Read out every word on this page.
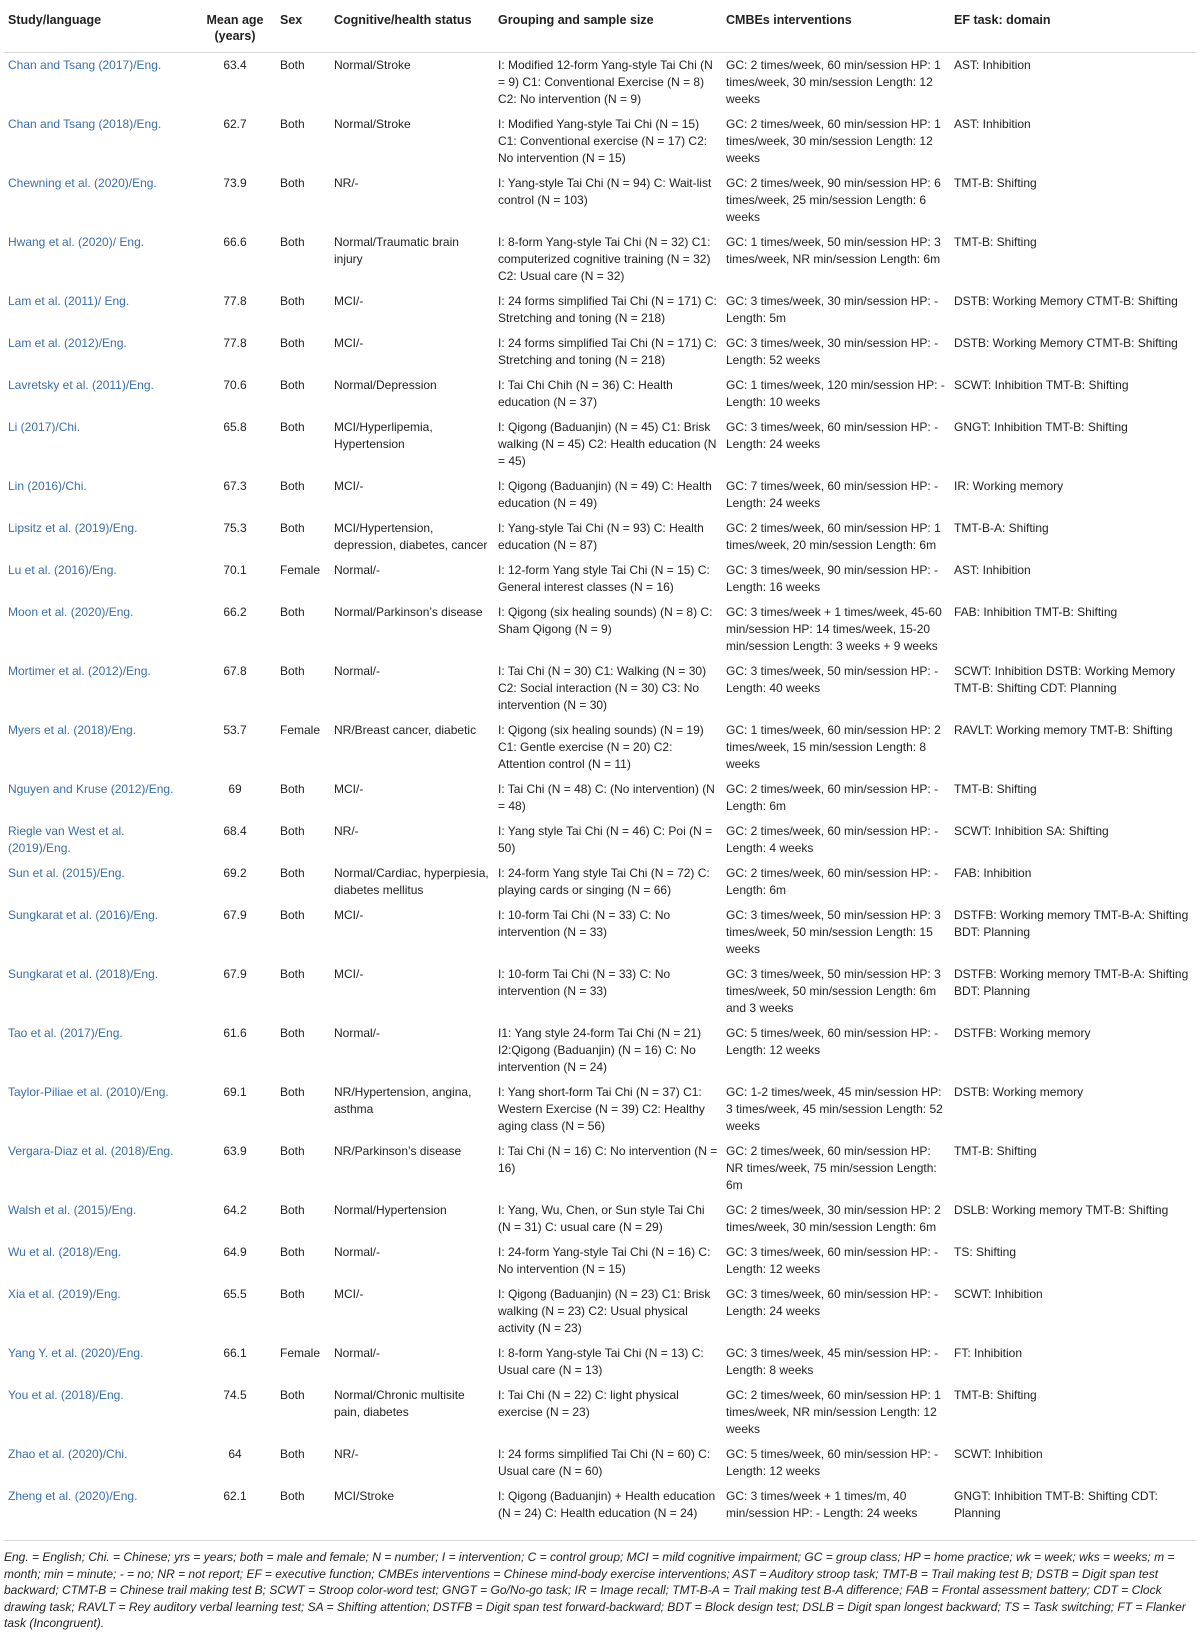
Study/language	Mean age (years)	Sex	Cognitive/health status	Grouping and sample size	CMBEs interventions	EF task: domain
Chan and Tsang (2017)/Eng.	63.4	Both	Normal/Stroke	I: Modified 12-form Yang-style Tai Chi (N = 9) C1: Conventional Exercise (N = 8) C2: No intervention (N = 9)	GC: 2 times/week, 60 min/session HP: 1 times/week, 30 min/session Length: 12 weeks	AST: Inhibition
Chan and Tsang (2018)/Eng.	62.7	Both	Normal/Stroke	I: Modified Yang-style Tai Chi (N = 15) C1: Conventional exercise (N = 17) C2: No intervention (N = 15)	GC: 2 times/week, 60 min/session HP: 1 times/week, 30 min/session Length: 12 weeks	AST: Inhibition
Chewning et al. (2020)/Eng.	73.9	Both	NR/-	I: Yang-style Tai Chi (N = 94) C: Wait-list control (N = 103)	GC: 2 times/week, 90 min/session HP: 6 times/week, 25 min/session Length: 6 weeks	TMT-B: Shifting
Hwang et al. (2020)/ Eng.	66.6	Both	Normal/Traumatic brain injury	I: 8-form Yang-style Tai Chi (N = 32) C1: computerized cognitive training (N = 32) C2: Usual care (N = 32)	GC: 1 times/week, 50 min/session HP: 3 times/week, NR min/session Length: 6m	TMT-B: Shifting
Lam et al. (2011)/ Eng.	77.8	Both	MCI/-	I: 24 forms simplified Tai Chi (N = 171) C: Stretching and toning (N = 218)	GC: 3 times/week, 30 min/session HP: - Length: 5m	DSTB: Working Memory CTMT-B: Shifting
Lam et al. (2012)/Eng.	77.8	Both	MCI/-	I: 24 forms simplified Tai Chi (N = 171) C: Stretching and toning (N = 218)	GC: 3 times/week, 30 min/session HP: -Length: 52 weeks	DSTB: Working Memory CTMT-B: Shifting
Lavretsky et al. (2011)/Eng.	70.6	Both	Normal/Depression	I: Tai Chi Chih (N = 36) C: Health education (N = 37)	GC: 1 times/week, 120 min/session HP: -Length: 10 weeks	SCWT: Inhibition TMT-B: Shifting
Li (2017)/Chi.	65.8	Both	MCI/Hyperlipemia, Hypertension	I: Qigong (Baduanjin) (N = 45) C1: Brisk walking (N = 45) C2: Health education (N = 45)	GC: 3 times/week, 60 min/session HP: -Length: 24 weeks	GNGT: Inhibition TMT-B: Shifting
Lin (2016)/Chi.	67.3	Both	MCI/-	I: Qigong (Baduanjin) (N = 49) C: Health education (N = 49)	GC: 7 times/week, 60 min/session HP: -Length: 24 weeks	IR: Working memory
Lipsitz et al. (2019)/Eng.	75.3	Both	MCI/Hypertension, depression, diabetes, cancer	I: Yang-style Tai Chi (N = 93) C: Health education (N = 87)	GC: 2 times/week, 60 min/session HP: 1 times/week, 20 min/session Length: 6m	TMT-B-A: Shifting
Lu et al. (2016)/Eng.	70.1	Female	Normal/-	I: 12-form Yang style Tai Chi (N = 15) C: General interest classes (N = 16)	GC: 3 times/week, 90 min/session HP: -Length: 16 weeks	AST: Inhibition
Moon et al. (2020)/Eng.	66.2	Both	Normal/Parkinson’s disease	I: Qigong (six healing sounds) (N = 8) C: Sham Qigong (N = 9)	GC: 3 times/week + 1 times/week, 45-60 min/session HP: 14 times/week, 15-20 min/session Length: 3 weeks + 9 weeks	FAB: Inhibition TMT-B: Shifting
Mortimer et al. (2012)/Eng.	67.8	Both	Normal/-	I: Tai Chi (N = 30) C1: Walking (N = 30) C2: Social interaction (N = 30) C3: No intervention (N = 30)	GC: 3 times/week, 50 min/session HP: -Length: 40 weeks	SCWT: Inhibition DSTB: Working Memory TMT-B: Shifting CDT: Planning
Myers et al. (2018)/Eng.	53.7	Female	NR/Breast cancer, diabetic	I: Qigong (six healing sounds) (N = 19) C1: Gentle exercise (N = 20) C2: Attention control (N = 11)	GC: 1 times/week, 60 min/session HP: 2 times/week, 15 min/session Length: 8 weeks	RAVLT: Working memory TMT-B: Shifting
Nguyen and Kruse (2012)/Eng.	69	Both	MCI/-	I: Tai Chi (N = 48) C: (No intervention) (N = 48)	GC: 2 times/week, 60 min/session HP: -Length: 6m	TMT-B: Shifting
Riegle van West et al. (2019)/Eng.	68.4	Both	NR/-	I: Yang style Tai Chi (N = 46) C: Poi (N = 50)	GC: 2 times/week, 60 min/session HP: -Length: 4 weeks	SCWT: Inhibition SA: Shifting
Sun et al. (2015)/Eng.	69.2	Both	Normal/Cardiac, hyperpiesia, diabetes mellitus	I: 24-form Yang style Tai Chi (N = 72) C: playing cards or singing (N = 66)	GC: 2 times/week, 60 min/session HP: -Length: 6m	FAB: Inhibition
Sungkarat et al. (2016)/Eng.	67.9	Both	MCI/-	I: 10-form Tai Chi (N = 33) C: No intervention (N = 33)	GC: 3 times/week, 50 min/session HP: 3 times/week, 50 min/session Length: 15 weeks	DSTFB: Working memory TMT-B-A: Shifting BDT: Planning
Sungkarat et al. (2018)/Eng.	67.9	Both	MCI/-	I: 10-form Tai Chi (N = 33) C: No intervention (N = 33)	GC: 3 times/week, 50 min/session HP: 3 times/week, 50 min/session Length: 6m and 3 weeks	DSTFB: Working memory TMT-B-A: Shifting BDT: Planning
Tao et al. (2017)/Eng.	61.6	Both	Normal/-	I1: Yang style 24-form Tai Chi (N = 21) I2:Qigong (Baduanjin) (N = 16) C: No intervention (N = 24)	GC: 5 times/week, 60 min/session HP: -Length: 12 weeks	DSTFB: Working memory
Taylor-Piliae et al. (2010)/Eng.	69.1	Both	NR/Hypertension, angina, asthma	I: Yang short-form Tai Chi (N = 37) C1: Western Exercise (N = 39) C2: Healthy aging class (N = 56)	GC: 1-2 times/week, 45 min/session HP: 3 times/week, 45 min/session Length: 52 weeks	DSTB: Working memory
Vergara-Diaz et al. (2018)/Eng.	63.9	Both	NR/Parkinson’s disease	I: Tai Chi (N = 16) C: No intervention (N = 16)	GC: 2 times/week, 60 min/session HP: NR times/week, 75 min/session Length: 6m	TMT-B: Shifting
Walsh et al. (2015)/Eng.	64.2	Both	Normal/Hypertension	I: Yang, Wu, Chen, or Sun style Tai Chi (N = 31) C: usual care (N = 29)	GC: 2 times/week, 30 min/session HP: 2 times/week, 30 min/session Length: 6m	DSLB: Working memory TMT-B: Shifting
Wu et al. (2018)/Eng.	64.9	Both	Normal/-	I: 24-form Yang-style Tai Chi (N = 16) C: No intervention (N = 15)	GC: 3 times/week, 60 min/session HP: -Length: 12 weeks	TS: Shifting
Xia et al. (2019)/Eng.	65.5	Both	MCI/-	I: Qigong (Baduanjin) (N = 23) C1: Brisk walking (N = 23) C2: Usual physical activity (N = 23)	GC: 3 times/week, 60 min/session HP: -Length: 24 weeks	SCWT: Inhibition
Yang Y. et al. (2020)/Eng.	66.1	Female	Normal/-	I: 8-form Yang-style Tai Chi (N = 13) C: Usual care (N = 13)	GC: 3 times/week, 45 min/session HP: -Length: 8 weeks	FT: Inhibition
You et al. (2018)/Eng.	74.5	Both	Normal/Chronic multisite pain, diabetes	I: Tai Chi (N = 22) C: light physical exercise (N = 23)	GC: 2 times/week, 60 min/session HP: 1 times/week, NR min/session Length: 12 weeks	TMT-B: Shifting
Zhao et al. (2020)/Chi.	64	Both	NR/-	I: 24 forms simplified Tai Chi (N = 60) C: Usual care (N = 60)	GC: 5 times/week, 60 min/session HP: -Length: 12 weeks	SCWT: Inhibition
Zheng et al. (2020)/Eng.	62.1	Both	MCI/Stroke	I: Qigong (Baduanjin) + Health education (N = 24) C: Health education (N = 24)	GC: 3 times/week + 1 times/m, 40 min/session HP: - Length: 24 weeks	GNGT: Inhibition TMT-B: Shifting CDT: Planning
Eng. = English; Chi. = Chinese; yrs = years; both = male and female; N = number; I = intervention; C = control group; MCI = mild cognitive impairment; GC = group class; HP = home practice; wk = week; wks = weeks; m = month; min = minute; - = no; NR = not report; EF = executive function; CMBEs interventions = Chinese mind-body exercise interventions; AST = Auditory stroop task; TMT-B = Trail making test B; DSTB = Digit span test backward; CTMT-B = Chinese trail making test B; SCWT = Stroop color-word test; GNGT = Go/No-go task; IR = Image recall; TMT-B-A = Trail making test B-A difference; FAB = Frontal assessment battery; CDT = Clock drawing task; RAVLT = Rey auditory verbal learning test; SA = Shifting attention; DSTFB = Digit span test forward-backward; BDT = Block design test; DSLB = Digit span longest backward; TS = Task switching; FT = Flanker task (Incongruent).
